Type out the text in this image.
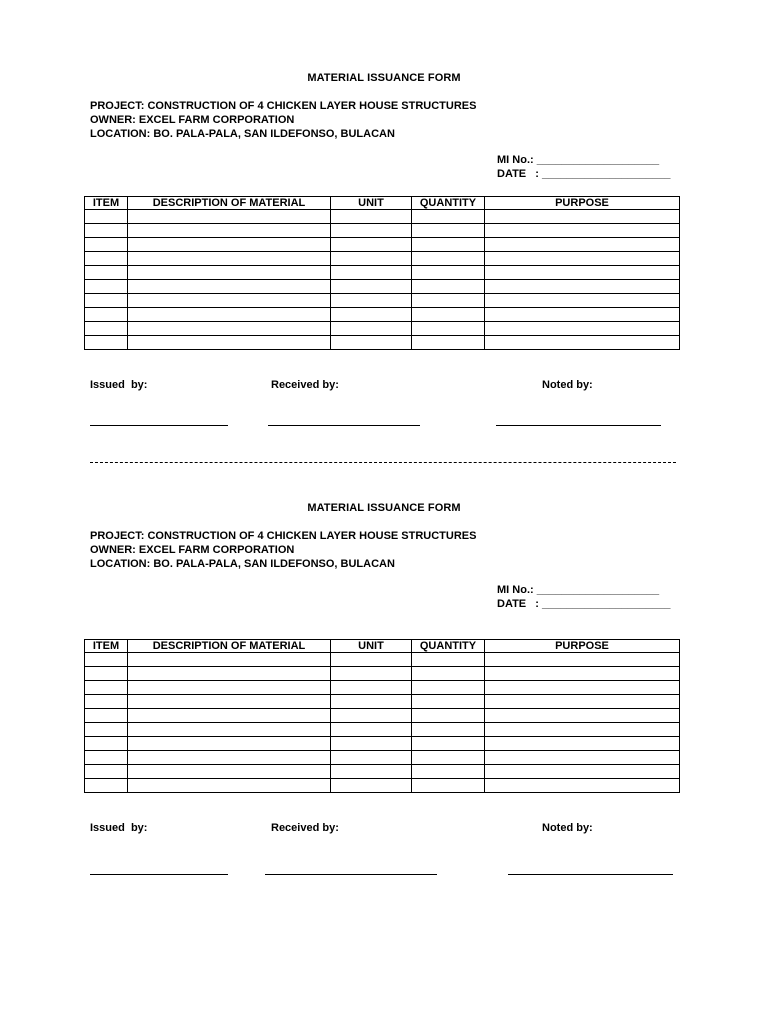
MATERIAL ISSUANCE FORM
PROJECT: CONSTRUCTION OF 4 CHICKEN LAYER HOUSE STRUCTURES
OWNER: EXCEL FARM CORPORATION
LOCATION: BO. PALA-PALA, SAN ILDEFONSO, BULACAN
MI No.: ____________________
DATE   : _____________________
ITEM	DESCRIPTION OF MATERIAL	UNIT	QUANTITY	PURPOSE

Issued  by:	Received by:	Noted by:
MATERIAL ISSUANCE FORM
PROJECT: CONSTRUCTION OF 4 CHICKEN LAYER HOUSE STRUCTURES
OWNER: EXCEL FARM CORPORATION
LOCATION: BO. PALA-PALA, SAN ILDEFONSO, BULACAN
MI No.: ____________________
DATE   : _____________________
ITEM	DESCRIPTION OF MATERIAL	UNIT	QUANTITY	PURPOSE

Issued  by:	Received by:	Noted by:
